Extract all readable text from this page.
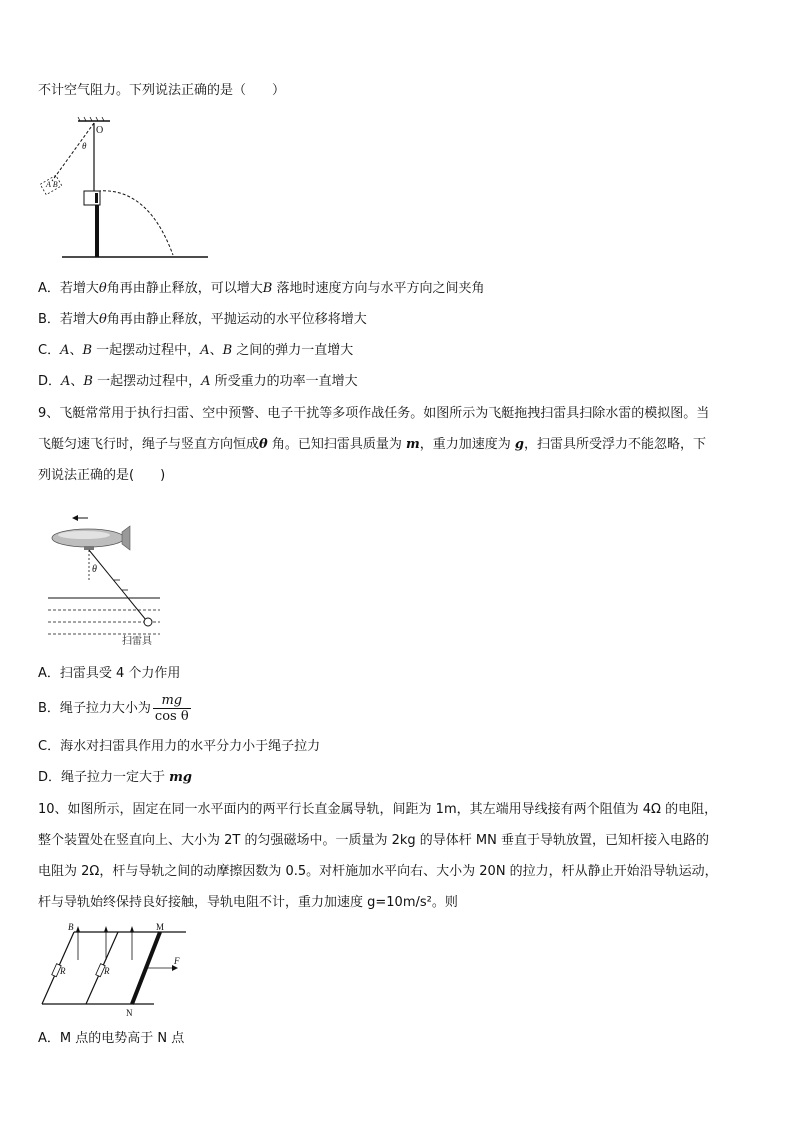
不计空气阻力。下列说法正确的是（　　）
O
θ
A B
A．若增大θ角再由静止释放，可以增大B 落地时速度方向与水平方向之间夹角
B．若增大θ角再由静止释放，平抛运动的水平位移将增大
C．A、B 一起摆动过程中，A、B 之间的弹力一直增大
D．A、B 一起摆动过程中，A 所受重力的功率一直增大
9、飞艇常常用于执行扫雷、空中预警、电子干扰等多项作战任务。如图所示为飞艇拖拽扫雷具扫除水雷的模拟图。当
飞艇匀速飞行时，绳子与竖直方向恒成θ 角。已知扫雷具质量为 m，重力加速度为 g，扫雷具所受浮力不能忽略，下
列说法正确的是(　　)
θ
扫雷具
A．扫雷具受 4 个力作用
B．绳子拉力大小为 $\frac{mg}{\text{cos θ}}$
C．海水对扫雷具作用力的水平分力小于绳子拉力
D．绳子拉力一定大于 mg
10、如图所示，固定在同一水平面内的两平行长直金属导轨，间距为 1m，其左端用导线接有两个阻值为 4Ω 的电阻，
整个装置处在竖直向上、大小为 2T 的匀强磁场中。一质量为 2kg 的导体杆 MN 垂直于导轨放置，已知杆接入电路的
电阻为 2Ω，杆与导轨之间的动摩擦因数为 0.5。对杆施加水平向右、大小为 20N 的拉力，杆从静止开始沿导轨运动，
杆与导轨始终保持良好接触，导轨电阻不计，重力加速度 g=10m/s²。则
R	R
B	M
N
F
A．M 点的电势高于 N 点
